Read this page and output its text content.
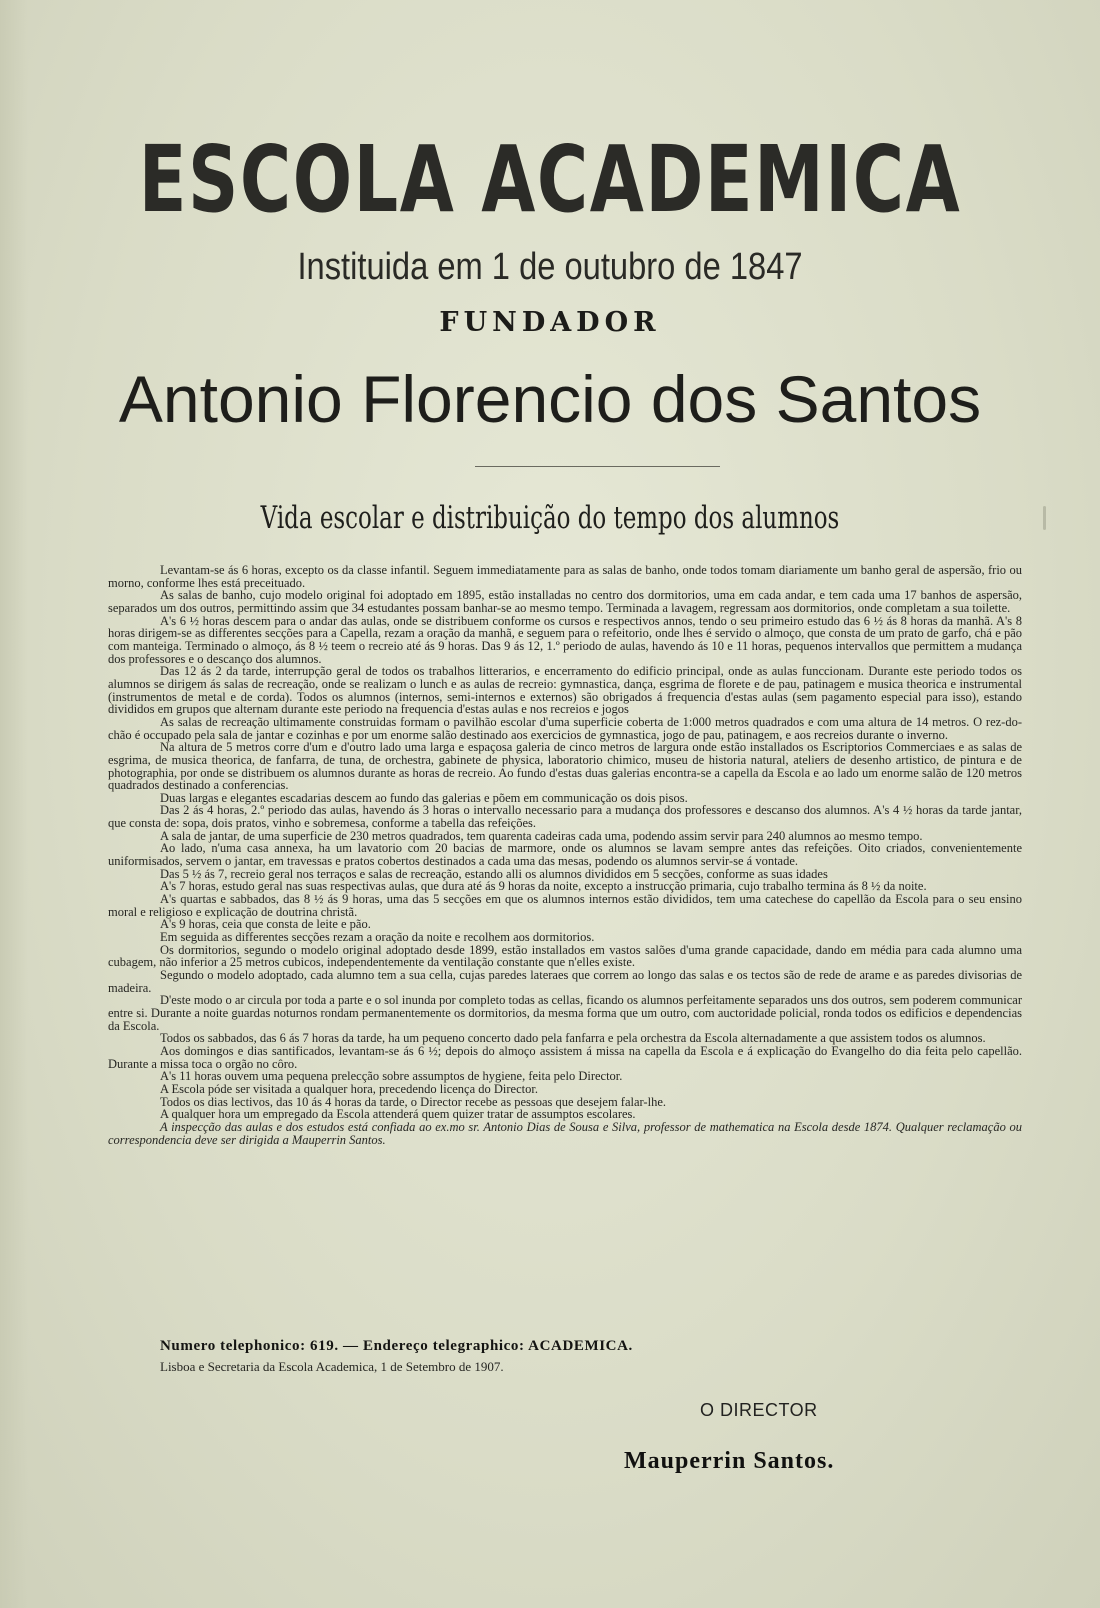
ESCOLA ACADEMICA
Instituida em 1 de outubro de 1847
FUNDADOR
Antonio Florencio dos Santos
Vida escolar e distribuição do tempo dos alumnos

Levantam-se ás 6 horas, excepto os da classe infantil. Seguem immediatamente para as salas de banho, onde todos tomam diariamente um banho geral de aspersão, frio ou morno, conforme lhes está preceituado.

As salas de banho, cujo modelo original foi adoptado em 1895, estão installadas no centro dos dormitorios, uma em cada andar, e tem cada uma 17 banhos de aspersão, separados um dos outros, permittindo assim que 34 estudantes possam banhar-se ao mesmo tempo. Terminada a lavagem, regressam aos dormitorios, onde completam a sua toilette.

A's 6 ½ horas descem para o andar das aulas, onde se distribuem conforme os cursos e respectivos annos, tendo o seu primeiro estudo das 6 ½ ás 8 horas da manhã. A's 8 horas dirigem-se as differentes secções para a Capella, rezam a oração da manhã, e seguem para o refeitorio, onde lhes é servido o almoço, que consta de um prato de garfo, chá e pão com manteiga. Terminado o almoço, ás 8 ½ teem o recreio até ás 9 horas. Das 9 ás 12, 1.º periodo de aulas, havendo ás 10 e 11 horas, pequenos intervallos que permittem a mudança dos professores e o descanço dos alumnos.

Das 12 ás 2 da tarde, interrupção geral de todos os trabalhos litterarios, e encerramento do edificio principal, onde as aulas funccionam. Durante este periodo todos os alumnos se dirigem ás salas de recreação, onde se realizam o lunch e as aulas de recreio: gymnastica, dança, esgrima de florete e de pau, patinagem e musica theorica e instrumental (instrumentos de metal e de corda). Todos os alumnos (internos, semi-internos e externos) são obrigados á frequencia d'estas aulas (sem pagamento especial para isso), estando divididos em grupos que alternam durante este periodo na frequencia d'estas aulas e nos recreios e jogos

As salas de recreação ultimamente construidas formam o pavilhão escolar d'uma superficie coberta de 1:000 metros quadrados e com uma altura de 14 metros. O rez-do-chão é occupado pela sala de jantar e cozinhas e por um enorme salão destinado aos exercicios de gymnastica, jogo de pau, patinagem, e aos recreios durante o inverno.

Na altura de 5 metros corre d'um e d'outro lado uma larga e espaçosa galeria de cinco metros de largura onde estão installados os Escriptorios Commerciaes e as salas de esgrima, de musica theorica, de fanfarra, de tuna, de orchestra, gabinete de physica, laboratorio chimico, museu de historia natural, ateliers de desenho artistico, de pintura e de photographia, por onde se distribuem os alumnos durante as horas de recreio. Ao fundo d'estas duas galerias encontra-se a capella da Escola e ao lado um enorme salão de 120 metros quadrados destinado a conferencias.

Duas largas e elegantes escadarias descem ao fundo das galerias e põem em communicação os dois pisos.

Das 2 ás 4 horas, 2.º periodo das aulas, havendo ás 3 horas o intervallo necessario para a mudança dos professores e descanso dos alumnos. A's 4 ½ horas da tarde jantar, que consta de: sopa, dois pratos, vinho e sobremesa, conforme a tabella das refeições.

A sala de jantar, de uma superficie de 230 metros quadrados, tem quarenta cadeiras cada uma, podendo assim servir para 240 alumnos ao mesmo tempo.

Ao lado, n'uma casa annexa, ha um lavatorio com 20 bacias de marmore, onde os alumnos se lavam sempre antes das refeições. Oito criados, convenientemente uniformisados, servem o jantar, em travessas e pratos cobertos destinados a cada uma das mesas, podendo os alumnos servir-se á vontade.

Das 5 ½ ás 7, recreio geral nos terraços e salas de recreação, estando alli os alumnos divididos em 5 secções, conforme as suas idades

A's 7 horas, estudo geral nas suas respectivas aulas, que dura até ás 9 horas da noite, excepto a instrucção primaria, cujo trabalho termina ás 8 ½ da noite.

A's quartas e sabbados, das 8 ½ ás 9 horas, uma das 5 secções em que os alumnos internos estão divididos, tem uma catechese do capellão da Escola para o seu ensino moral e religioso e explicação de doutrina christã.

A's 9 horas, ceia que consta de leite e pão.

Em seguida as differentes secções rezam a oração da noite e recolhem aos dormitorios.

Os dormitorios, segundo o modelo original adoptado desde 1899, estão installados em vastos salões d'uma grande capacidade, dando em média para cada alumno uma cubagem, não inferior a 25 metros cubicos, independentemente da ventilação constante que n'elles existe.

Segundo o modelo adoptado, cada alumno tem a sua cella, cujas paredes lateraes que correm ao longo das salas e os tectos são de rede de arame e as paredes divisorias de madeira.

D'este modo o ar circula por toda a parte e o sol inunda por completo todas as cellas, ficando os alumnos perfeitamente separados uns dos outros, sem poderem communicar entre si. Durante a noite guardas noturnos rondam permanentemente os dormitorios, da mesma forma que um outro, com auctoridade policial, ronda todos os edificios e dependencias da Escola.

Todos os sabbados, das 6 ás 7 horas da tarde, ha um pequeno concerto dado pela fanfarra e pela orchestra da Escola alternadamente a que assistem todos os alumnos.

Aos domingos e dias santificados, levantam-se ás 6 ½; depois do almoço assistem á missa na capella da Escola e á explicação do Evangelho do dia feita pelo capellão. Durante a missa toca o orgão no côro.

A's 11 horas ouvem uma pequena prelecção sobre assumptos de hygiene, feita pelo Director.

A Escola póde ser visitada a qualquer hora, precedendo licença do Director.

Todos os dias lectivos, das 10 ás 4 horas da tarde, o Director recebe as pessoas que desejem falar-lhe.

A qualquer hora um empregado da Escola attenderá quem quizer tratar de assumptos escolares.

A inspecção das aulas e dos estudos está confiada ao ex.mo sr. Antonio Dias de Sousa e Silva, professor de mathematica na Escola desde 1874. Qualquer reclamação ou correspondencia deve ser dirigida a Mauperrin Santos.

Numero telephonico: 619. — Endereço telegraphico: ACADEMICA.
Lisboa e Secretaria da Escola Academica, 1 de Setembro de 1907.
O DIRECTOR
Mauperrin Santos.
